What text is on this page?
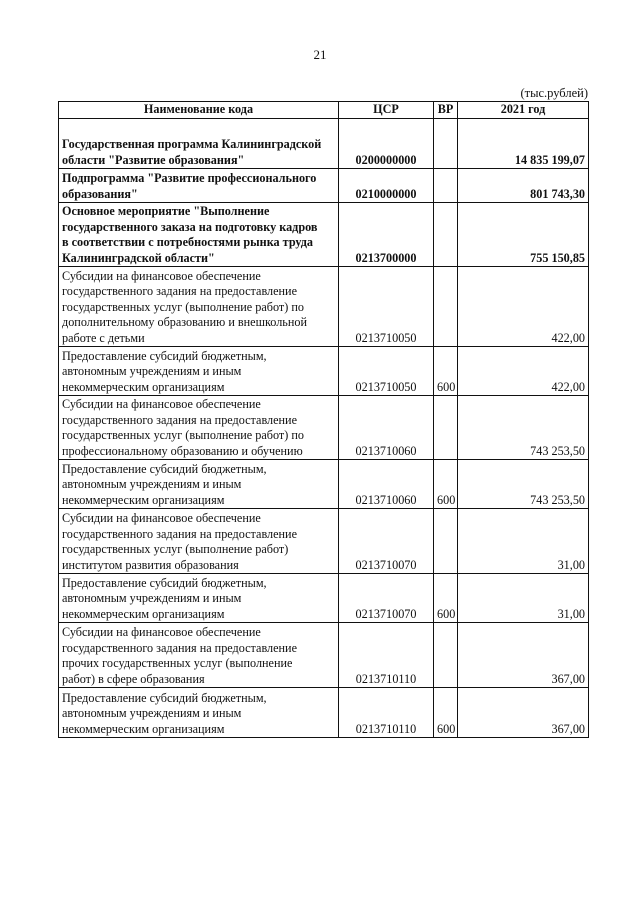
21
(тыс.рублей)
Наименование кода	ЦСР	ВР	2021 год

Государственная программа Калининградской
области "Развитие образования"	0200000000		14 835 199,07

Подпрограмма "Развитие профессионального
образования"	0210000000		801 743,30

Основное мероприятие "Выполнение
государственного заказа на подготовку кадров
в соответствии с потребностями рынка труда
Калининградской области"	0213700000		755 150,85

Субсидии на финансовое обеспечение
государственного задания на предоставление
государственных услуг (выполнение работ) по
дополнительному образованию и внешкольной
работе с детьми	0213710050		422,00

Предоставление субсидий бюджетным,
автономным учреждениям и иным
некоммерческим организациям	0213710050	600	422,00

Субсидии на финансовое обеспечение
государственного задания на предоставление
государственных услуг (выполнение работ) по
профессиональному образованию и обучению	0213710060		743 253,50

Предоставление субсидий бюджетным,
автономным учреждениям и иным
некоммерческим организациям	0213710060	600	743 253,50

Субсидии на финансовое обеспечение
государственного задания на предоставление
государственных услуг (выполнение работ)
институтом развития образования	0213710070		31,00

Предоставление субсидий бюджетным,
автономным учреждениям и иным
некоммерческим организациям	0213710070	600	31,00

Субсидии на финансовое обеспечение
государственного задания на предоставление
прочих государственных услуг (выполнение
работ) в сфере образования	0213710110		367,00

Предоставление субсидий бюджетным,
автономным учреждениям и иным
некоммерческим организациям	0213710110	600	367,00
